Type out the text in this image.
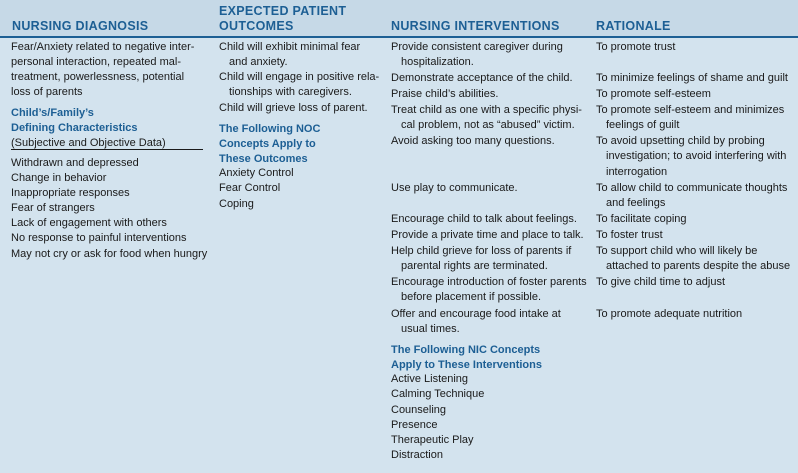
NURSING DIAGNOSIS
EXPECTED PATIENT
OUTCOMES	NURSING INTERVENTIONS	RATIONALE
Fear/Anxiety related to negative inter-
personal interaction, repeated mal-
treatment, powerlessness, potential
loss of parents
Child’s/Family’s
Defining Characteristics
(Subjective and Objective Data)
Withdrawn and depressed
Change in behavior
Inappropriate responses
Fear of strangers
Lack of engagement with others
No response to painful interventions
May not cry or ask for food when hungry
Child will exhibit minimal fear
and anxiety.
Child will engage in positive rela-
tionships with caregivers.
Child will grieve loss of parent.
The Following NOC
Concepts Apply to
These Outcomes
Anxiety Control
Fear Control
Coping
Provide consistent caregiver during
hospitalization.
Demonstrate acceptance of the child.
Praise child’s abilities.
Treat child as one with a specific physi-
cal problem, not as “abused” victim.
Avoid asking too many questions.
Use play to communicate.
Encourage child to talk about feelings.
Provide a private time and place to talk.
Help child grieve for loss of parents if
parental rights are terminated.
Encourage introduction of foster parents
before placement if possible.
Offer and encourage food intake at
usual times.
The Following NIC Concepts
Apply to These Interventions
Active Listening
Calming Technique
Counseling
Presence
Therapeutic Play
Distraction
To promote trust
To minimize feelings of shame and guilt
To promote self-esteem
To promote self-esteem and minimizes
feelings of guilt
To avoid upsetting child by probing
investigation; to avoid interfering with
interrogation
To allow child to communicate thoughts
and feelings
To facilitate coping
To foster trust
To support child who will likely be
attached to parents despite the abuse
To give child time to adjust
To promote adequate nutrition
